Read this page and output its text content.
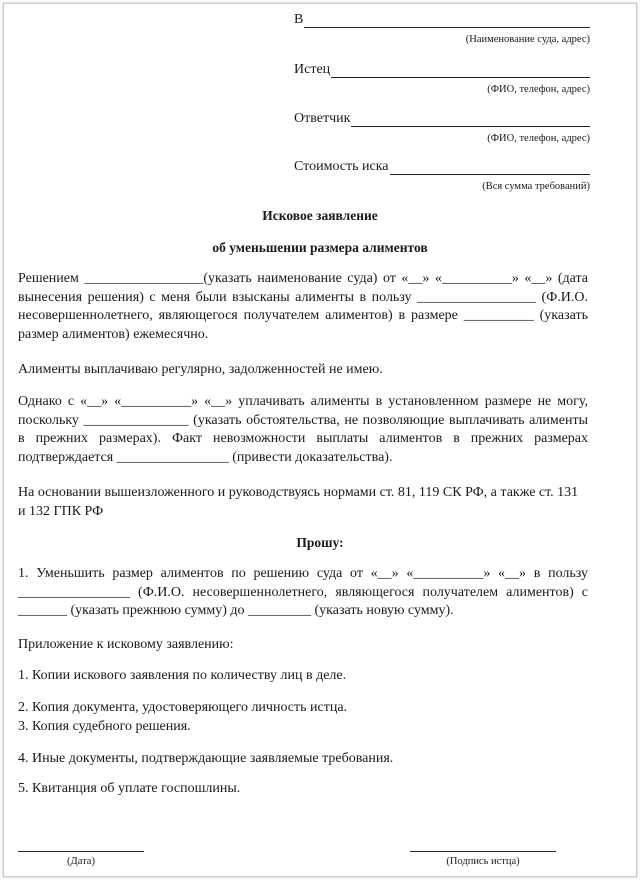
В
(Наименование суда, адрес)
Истец
(ФИО, телефон, адрес)
Ответчик
(ФИО, телефон, адрес)
Стоимость иска
(Вся сумма требований)
Исковое заявление
об уменьшении размера алиментов
Решением _________________(указать наименование суда) от «__» «__________» «__» (дата вынесения решения) с меня были взысканы алименты в пользу _________________ (Ф.И.О. несовершеннолетнего, являющегося получателем алиментов) в размере __________ (указать размер алиментов) ежемесячно.
Алименты выплачиваю регулярно, задолженностей не имею.
Однако с «__» «__________» «__» уплачивать алименты в установленном размере не могу, поскольку _______________ (указать обстоятельства, не позволяющие выплачивать алименты в прежних размерах). Факт невозможности выплаты алиментов в прежних размерах подтверждается ________________ (привести доказательства).
На основании вышеизложенного и руководствуясь нормами ст. 81, 119 СК РФ, а также ст. 131 и 132 ГПК РФ
Прошу:
1. Уменьшить размер алиментов по решению суда от «__» «__________» «__» в пользу ________________ (Ф.И.О. несовершеннолетнего, являющегося получателем алиментов) с _______ (указать прежнюю сумму) до _________ (указать новую сумму).
Приложение к исковому заявлению:
1. Копии искового заявления по количеству лиц в деле.
2. Копия документа, удостоверяющего личность истца.
3. Копия судебного решения.
4. Иные документы, подтверждающие заявляемые требования.
5. Квитанция об уплате госпошлины.
(Дата)	(Подпись истца)
